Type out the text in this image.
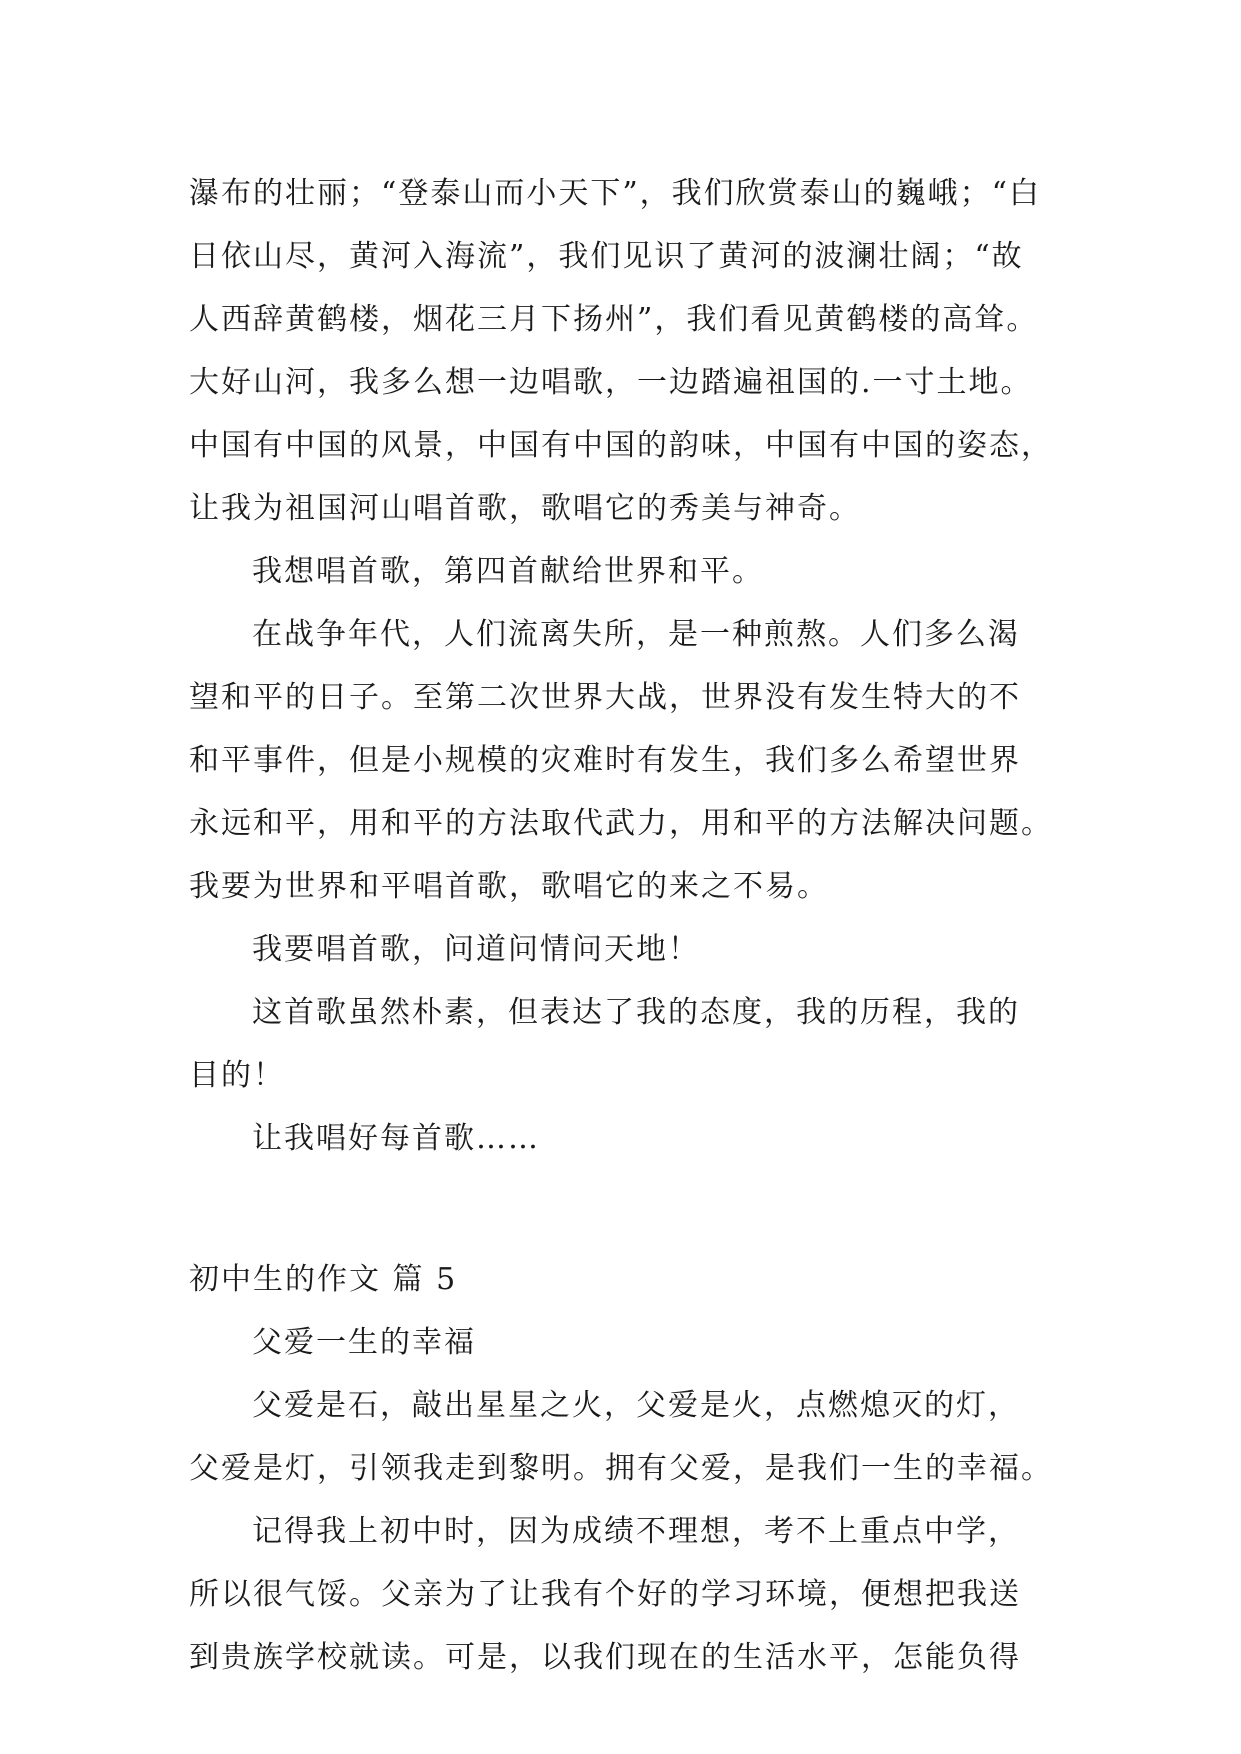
瀑布的壮丽；“登泰山而小天下”，我们欣赏泰山的巍峨；“白
日依山尽，黄河入海流”，我们见识了黄河的波澜壮阔；“故
人西辞黄鹤楼，烟花三月下扬州”，我们看见黄鹤楼的高耸。
大好山河，我多么想一边唱歌，一边踏遍祖国的.一寸土地。
中国有中国的风景，中国有中国的韵味，中国有中国的姿态，
让我为祖国河山唱首歌，歌唱它的秀美与神奇。
我想唱首歌，第四首献给世界和平。
在战争年代，人们流离失所，是一种煎熬。人们多么渴
望和平的日子。至第二次世界大战，世界没有发生特大的不
和平事件，但是小规模的灾难时有发生，我们多么希望世界
永远和平，用和平的方法取代武力，用和平的方法解决问题。
我要为世界和平唱首歌，歌唱它的来之不易。
我要唱首歌，问道问情问天地！
这首歌虽然朴素，但表达了我的态度，我的历程，我的
目的！
让我唱好每首歌……
初中生的作文 篇 5
父爱一生的幸福
父爱是石，敲出星星之火，父爱是火，点燃熄灭的灯，
父爱是灯，引领我走到黎明。拥有父爱，是我们一生的幸福。
记得我上初中时，因为成绩不理想，考不上重点中学，
所以很气馁。父亲为了让我有个好的学习环境，便想把我送
到贵族学校就读。可是，以我们现在的生活水平，怎能负得
